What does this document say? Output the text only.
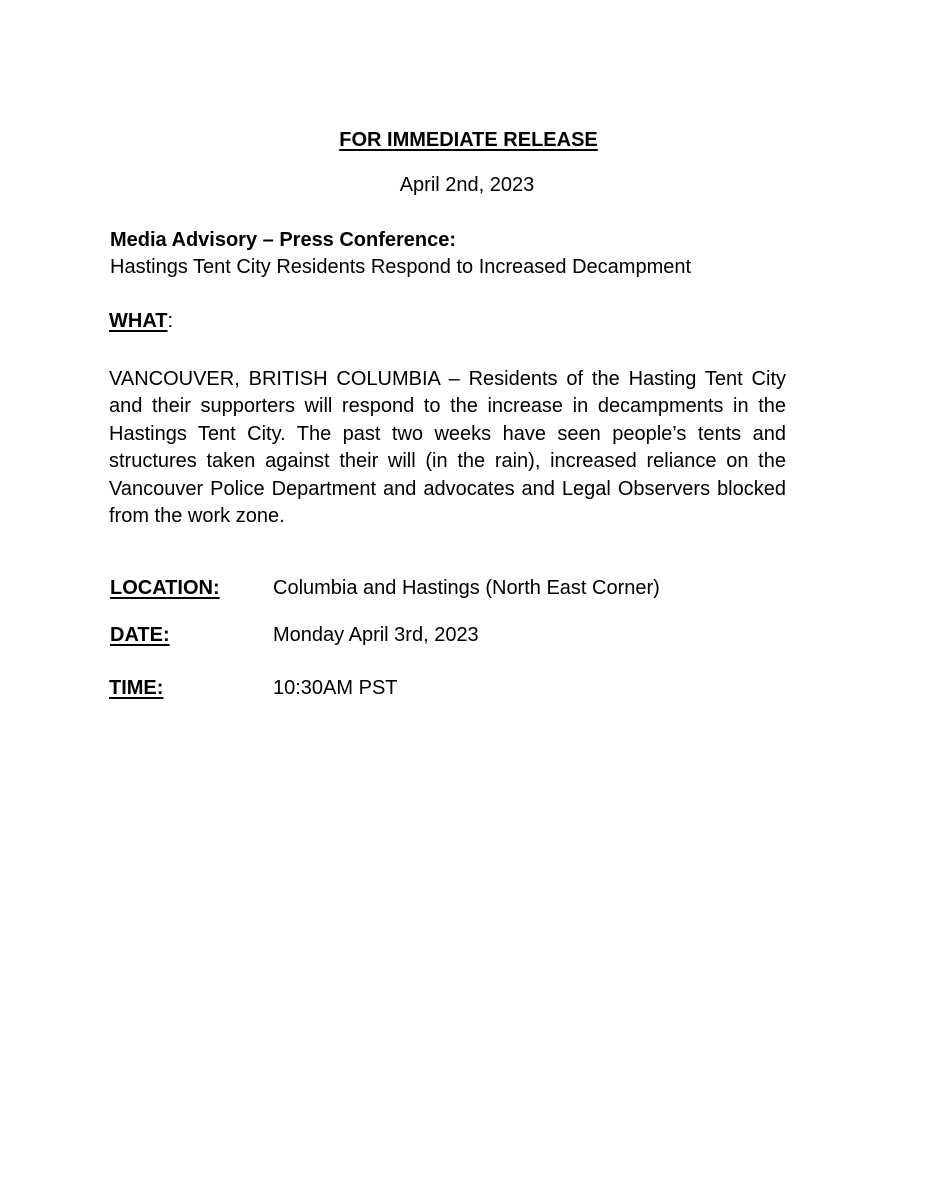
FOR IMMEDIATE RELEASE
April 2nd, 2023
Media Advisory – Press Conference:
Hastings Tent City Residents Respond to Increased Decampment
WHAT:

VANCOUVER, BRITISH COLUMBIA – Residents of the Hasting Tent City and their supporters will respond to the increase in decampments in the Hastings Tent City. The past two weeks have seen people’s tents and structures taken against their will (in the rain), increased reliance on the Vancouver Police Department and advocates and Legal Observers blocked from the work zone.

LOCATION:	Columbia and Hastings (North East Corner)
DATE:	Monday April 3rd, 2023
TIME:	10:30AM PST
